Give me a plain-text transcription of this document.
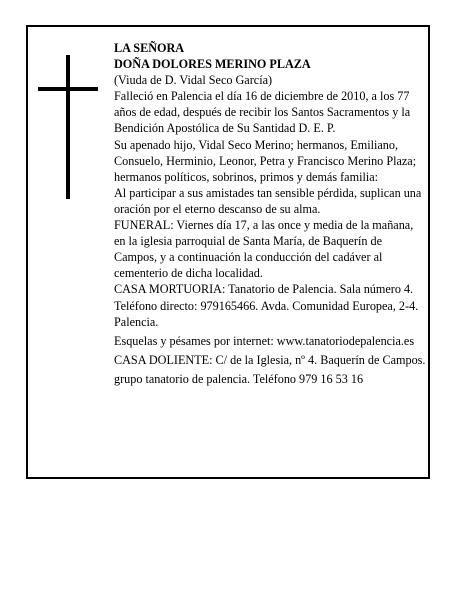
LA SEÑORA

DOÑA DOLORES MERINO PLAZA

(Viuda de D. Vidal Seco García)

Falleció en Palencia el día 16 de diciembre de 2010, a los 77 años de edad, después de recibir los Santos Sacramentos y la Bendición Apostólica de Su Santidad D. E. P.

Su apenado hijo, Vidal Seco Merino; hermanos, Emiliano, Consuelo, Herminio, Leonor, Petra y Francisco Merino Plaza; hermanos políticos, sobrinos, primos y demás familia:

Al participar a sus amistades tan sensible pérdida, suplican una oración por el eterno descanso de su alma.

FUNERAL: Viernes día 17, a las once y media de la mañana, en la iglesia parroquial de Santa María, de Baquerín de Campos, y a continuación la conducción del cadáver al cementerio de dicha localidad.

CASA MORTUORIA: Tanatorio de Palencia. Sala número 4. Teléfono directo: 979165466. Avda. Comunidad Europea, 2-4. Palencia.

Esquelas y pésames por internet: www.tanatoriodepalencia.es

CASA DOLIENTE: C/ de la Iglesia, nº 4. Baquerín de Campos.

grupo tanatorio de palencia. Teléfono 979 16 53 16
